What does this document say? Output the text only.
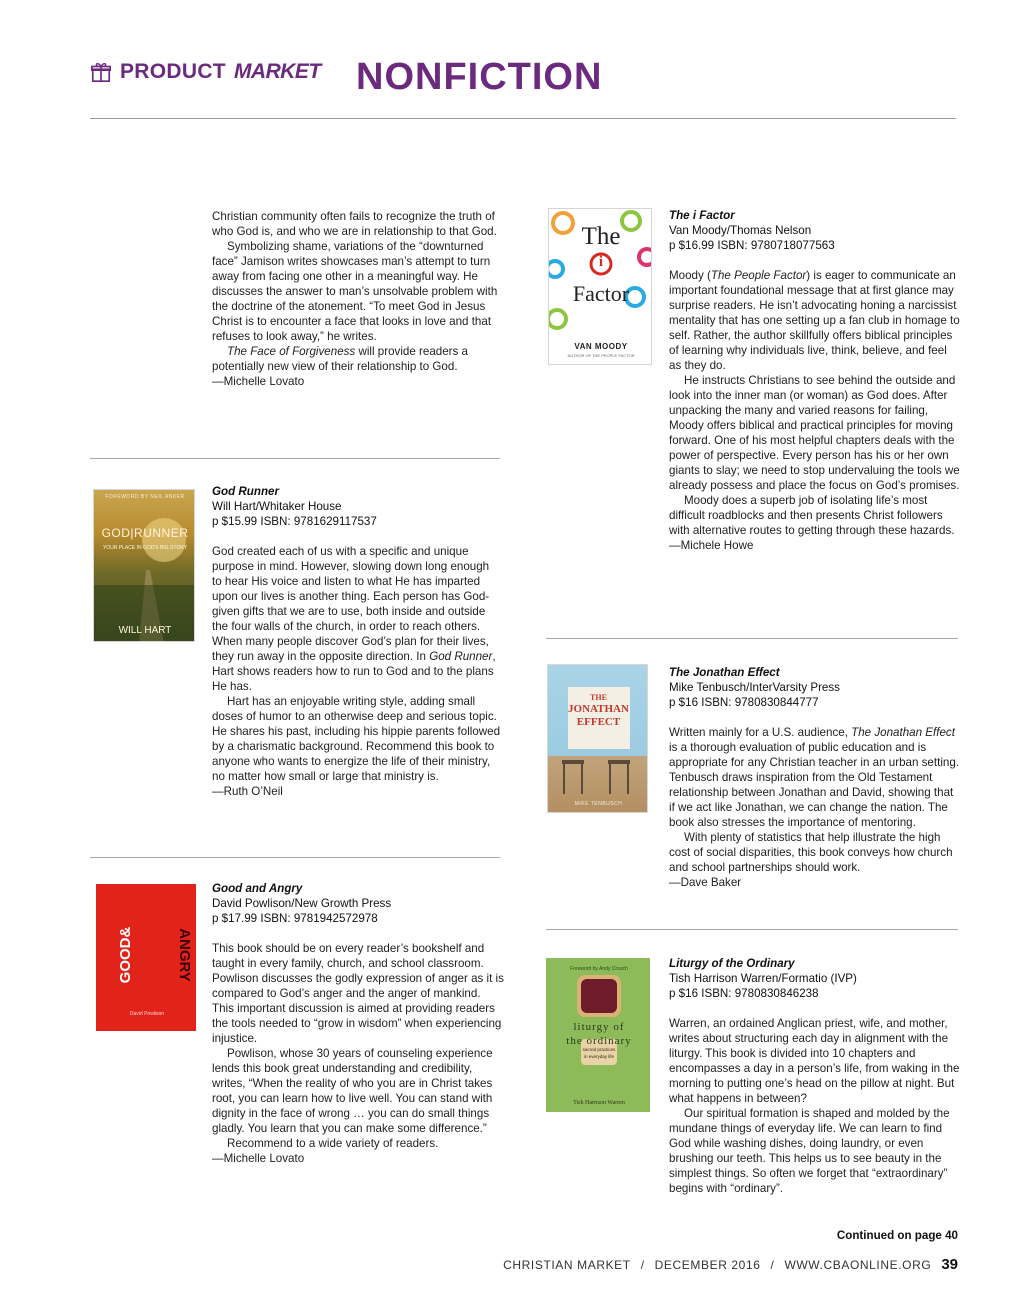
PRODUCT MARKET NONFICTION

Christian community often fails to recognize the truth of who God is, and who we are in relationship to that God.

Symbolizing shame, variations of the “downturned face” Jamison writes showcases man’s attempt to turn away from facing one other in a meaningful way. He discusses the answer to man’s unsolvable problem with the doctrine of the atonement. “To meet God in Jesus Christ is to encounter a face that looks in love and that refuses to look away,” he writes.

The Face of Forgiveness will provide readers a potentially new view of their relationship to God.

—Michelle Lovato

FOREWORD BY NEIL ANKER
GOD|RUNNER
YOUR PLACE IN GOD'S BIG STORY
WILL HART
God Runner
Will Hart/Whitaker House
p $15.99 ISBN: 9781629117537

God created each of us with a specific and unique purpose in mind. However, slowing down long enough to hear His voice and listen to what He has imparted upon our lives is another thing. Each person has God-given gifts that we are to use, both inside and outside the four walls of the church, in order to reach others. When many people discover God’s plan for their lives, they run away in the opposite direction. In God Runner, Hart shows readers how to run to God and to the plans He has.

Hart has an enjoyable writing style, adding small doses of humor to an otherwise deep and serious topic. He shares his past, including his hippie parents followed by a charismatic background. Recommend this book to anyone who wants to energize the life of their ministry, no matter how small or large that ministry is.

—Ruth O’Neil

GOOD&	ANGRY
David Powlison
Good and Angry
David Powlison/New Growth Press
p $17.99 ISBN: 9781942572978

This book should be on every reader’s bookshelf and taught in every family, church, and school classroom. Powlison discusses the godly expression of anger as it is compared to God’s anger and the anger of mankind. This important discussion is aimed at providing readers the tools needed to “grow in wisdom” when experiencing injustice.

Powlison, whose 30 years of counseling experience lends this book great understanding and credibility, writes, “When the reality of who you are in Christ takes root, you can learn how to live well. You can stand with dignity in the face of wrong … you can do small things gladly. You learn that you can make some difference.”

Recommend to a wide variety of readers.

—Michelle Lovato

The
i
Factor
VAN MOODY
AUTHOR OF THE PEOPLE FACTOR
The i Factor
Van Moody/Thomas Nelson
p $16.99 ISBN: 9780718077563

Moody (The People Factor) is eager to communicate an important foundational message that at first glance may surprise readers. He isn’t advocating honing a narcissist mentality that has one setting up a fan club in homage to self. Rather, the author skillfully offers biblical principles of learning why individuals live, think, believe, and feel as they do.

He instructs Christians to see behind the outside and look into the inner man (or woman) as God does. After unpacking the many and varied reasons for failing, Moody offers biblical and practical principles for moving forward. One of his most helpful chapters deals with the power of perspective. Every person has his or her own giants to slay; we need to stop undervaluing the tools we already possess and place the focus on God’s promises.

Moody does a superb job of isolating life’s most difficult roadblocks and then presents Christ followers with alternative routes to getting through these hazards.

—Michele Howe

THE
JONATHAN
EFFECT
MIKE TENBUSCH
The Jonathan Effect
Mike Tenbusch/InterVarsity Press
p $16 ISBN: 9780830844777

Written mainly for a U.S. audience, The Jonathan Effect is a thorough evaluation of public education and is appropriate for any Christian teacher in an urban setting. Tenbusch draws inspiration from the Old Testament relationship between Jonathan and David, showing that if we act like Jonathan, we can change the nation. The book also stresses the importance of mentoring.

With plenty of statistics that help illustrate the high cost of social disparities, this book conveys how church and school partnerships should work.

—Dave Baker

Foreword by Andy Crouch
liturgy of
the ordinary
sacred practices
in everyday life
Tish Harrison Warren
Liturgy of the Ordinary
Tish Harrison Warren/Formatio (IVP)
p $16 ISBN: 9780830846238

Warren, an ordained Anglican priest, wife, and mother, writes about structuring each day in alignment with the liturgy. This book is divided into 10 chapters and encompasses a day in a person’s life, from waking in the morning to putting one’s head on the pillow at night. But what happens in between?

Our spiritual formation is shaped and molded by the mundane things of everyday life. We can learn to find God while washing dishes, doing laundry, or even brushing our teeth. This helps us to see beauty in the simplest things. So often we forget that “extraordinary” begins with “ordinary”.

Continued on page 40
CHRISTIAN MARKET / DECEMBER 2016 / WWW.CBAONLINE.ORG 39
